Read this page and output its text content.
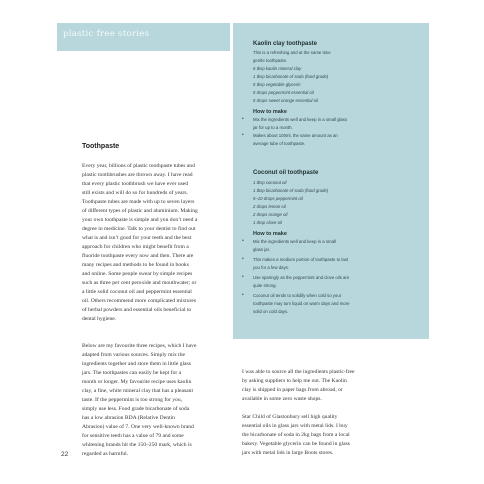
plastic free stories
Kaolin clay toothpaste
This is a refreshing and at the same time
gentle toothpaste.
6 tbsp kaolin mineral clay
1 tbsp bicarbonate of soda (food grade)
5 tbsp vegetable glycerin
5 drops peppermint essential oil
5 drops sweet orange essential oil
How to make
• Mix the ingredients well and keep in a small glass
jar for up to a month.
• Makes about 100ml, the same amount as an
average tube of toothpaste.
Coconut oil toothpaste
1 tbsp coconut oil
1 tbsp bicarbonate of soda (food grade)
5–10 drops peppermint oil
2 drops lemon oil
2 drops orange oil
1 drop clove oil
How to make
• Mix the ingredients well and keep in a small
glass jar.
• This makes a medium portion of toothpaste to last
you for a few days.
• Use sparingly as the peppermint and clove oils are
quite strong.
• Coconut oil tends to solidify when cold so your
toothpaste may turn liquid on warm days and more
solid on cold days.
Toothpaste
Every year, billions of plastic toothpaste tubes and
plastic toothbrushes are thrown away. I have read
that every plastic toothbrush we have ever used
still exists and will do so for hundreds of years.
Toothpaste tubes are made with up to seven layers
of different types of plastic and aluminium. Making
your own toothpaste is simple and you don’t need a
degree in medicine. Talk to your dentist to find out
what is and isn’t good for your teeth and the best
approach for children who might benefit from a
fluoride toothpaste every now and then. There are
many recipes and methods to be found in books
and online. Some people swear by simple recipes
such as three per cent peroxide and mouthwater; or
a little solid coconut oil and peppermint essential
oil. Others recommend more complicated mixtures
of herbal powders and essential oils beneficial to
dental hygiene.
Below are my favourite three recipes, which I have
adapted from various sources. Simply mix the
ingredients together and store them in little glass
jars. The toothpastes can easily be kept for a
month or longer. My favourite recipe uses kaolin
clay, a fine, white mineral clay that has a pleasant
taste. If the peppermint is too strong for you,
simply use less. Food grade bicarbonate of soda
has a low abrasion RDA (Relative Dentin
Abrasion) value of 7. One very well-known brand
for sensitive teeth has a value of 79 and some
whitening brands hit the 150–250 mark, which is
regarded as harmful.
I was able to source all the ingredients plastic-free
by asking suppliers to help me out. The Kaolin
clay is shipped in paper bags from abroad, or
available in some zero waste shops.
Star Child of Glastonbury sell high quality
essential oils in glass jars with metal lids. I buy
the bicarbonate of soda in 2kg bags from a local
bakery. Vegetable glycerin can be found in glass
jars with metal lids in large Boots stores.
22
